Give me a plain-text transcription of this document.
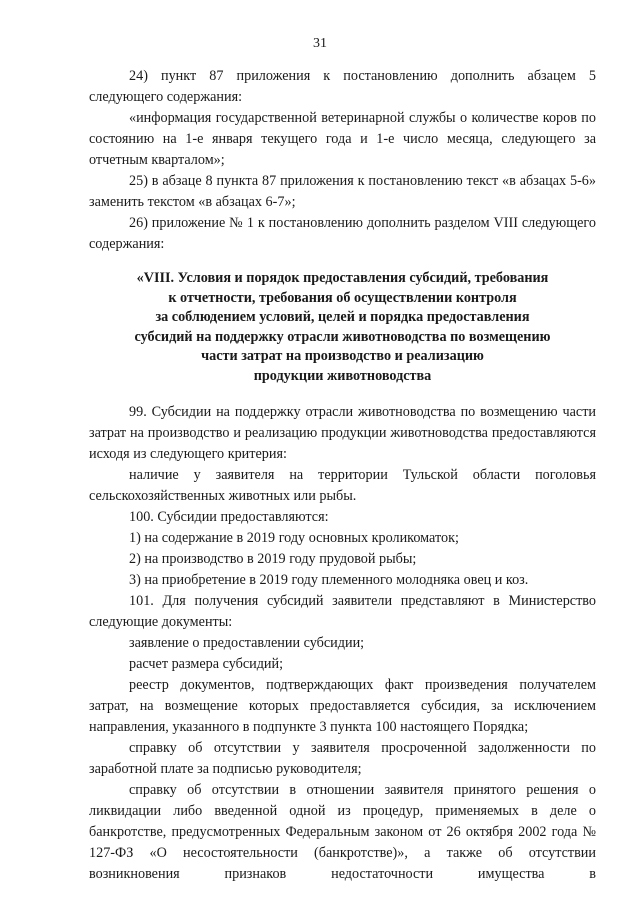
31

24) пункт 87 приложения к постановлению дополнить абзацем 5 следующего содержания:

«информация государственной ветеринарной службы о количестве коров по состоянию на 1-е января текущего года и 1-е число месяца, следующего за отчетным кварталом»;

25) в абзаце 8 пункта 87 приложения к постановлению текст «в абзацах 5-6» заменить текстом «в абзацах 6-7»;

26) приложение № 1 к постановлению дополнить разделом VIII следующего содержания:

«VIII. Условия и порядок предоставления субсидий, требования
к отчетности, требования об осуществлении контроля
за соблюдением условий, целей и порядка предоставления
субсидий на поддержку отрасли животноводства по возмещению
части затрат на производство и реализацию
продукции животноводства

99. Субсидии на поддержку отрасли животноводства по возмещению части затрат на производство и реализацию продукции животноводства предоставляются исходя из следующего критерия:

наличие у заявителя на территории Тульской области поголовья сельскохозяйственных животных или рыбы.

100. Субсидии предоставляются:

1) на содержание в 2019 году основных кроликоматок;

2) на производство в 2019 году прудовой рыбы;

3) на приобретение в 2019 году племенного молодняка овец и коз.

101. Для получения субсидий заявители представляют в Министерство следующие документы:

заявление о предоставлении субсидии;

расчет размера субсидий;

реестр документов, подтверждающих факт произведения получателем затрат, на возмещение которых предоставляется субсидия, за исключением направления, указанного в подпункте 3 пункта 100 настоящего Порядка;

справку об отсутствии у заявителя просроченной задолженности по заработной плате за подписью руководителя;

справку об отсутствии в отношении заявителя принятого решения о ликвидации либо введенной одной из процедур, применяемых в деле о банкротстве, предусмотренных Федеральным законом от 26 октября 2002 года № 127-ФЗ «О несостоятельности (банкротстве)», а также об отсутствии возникновения признаков недостаточности имущества в
